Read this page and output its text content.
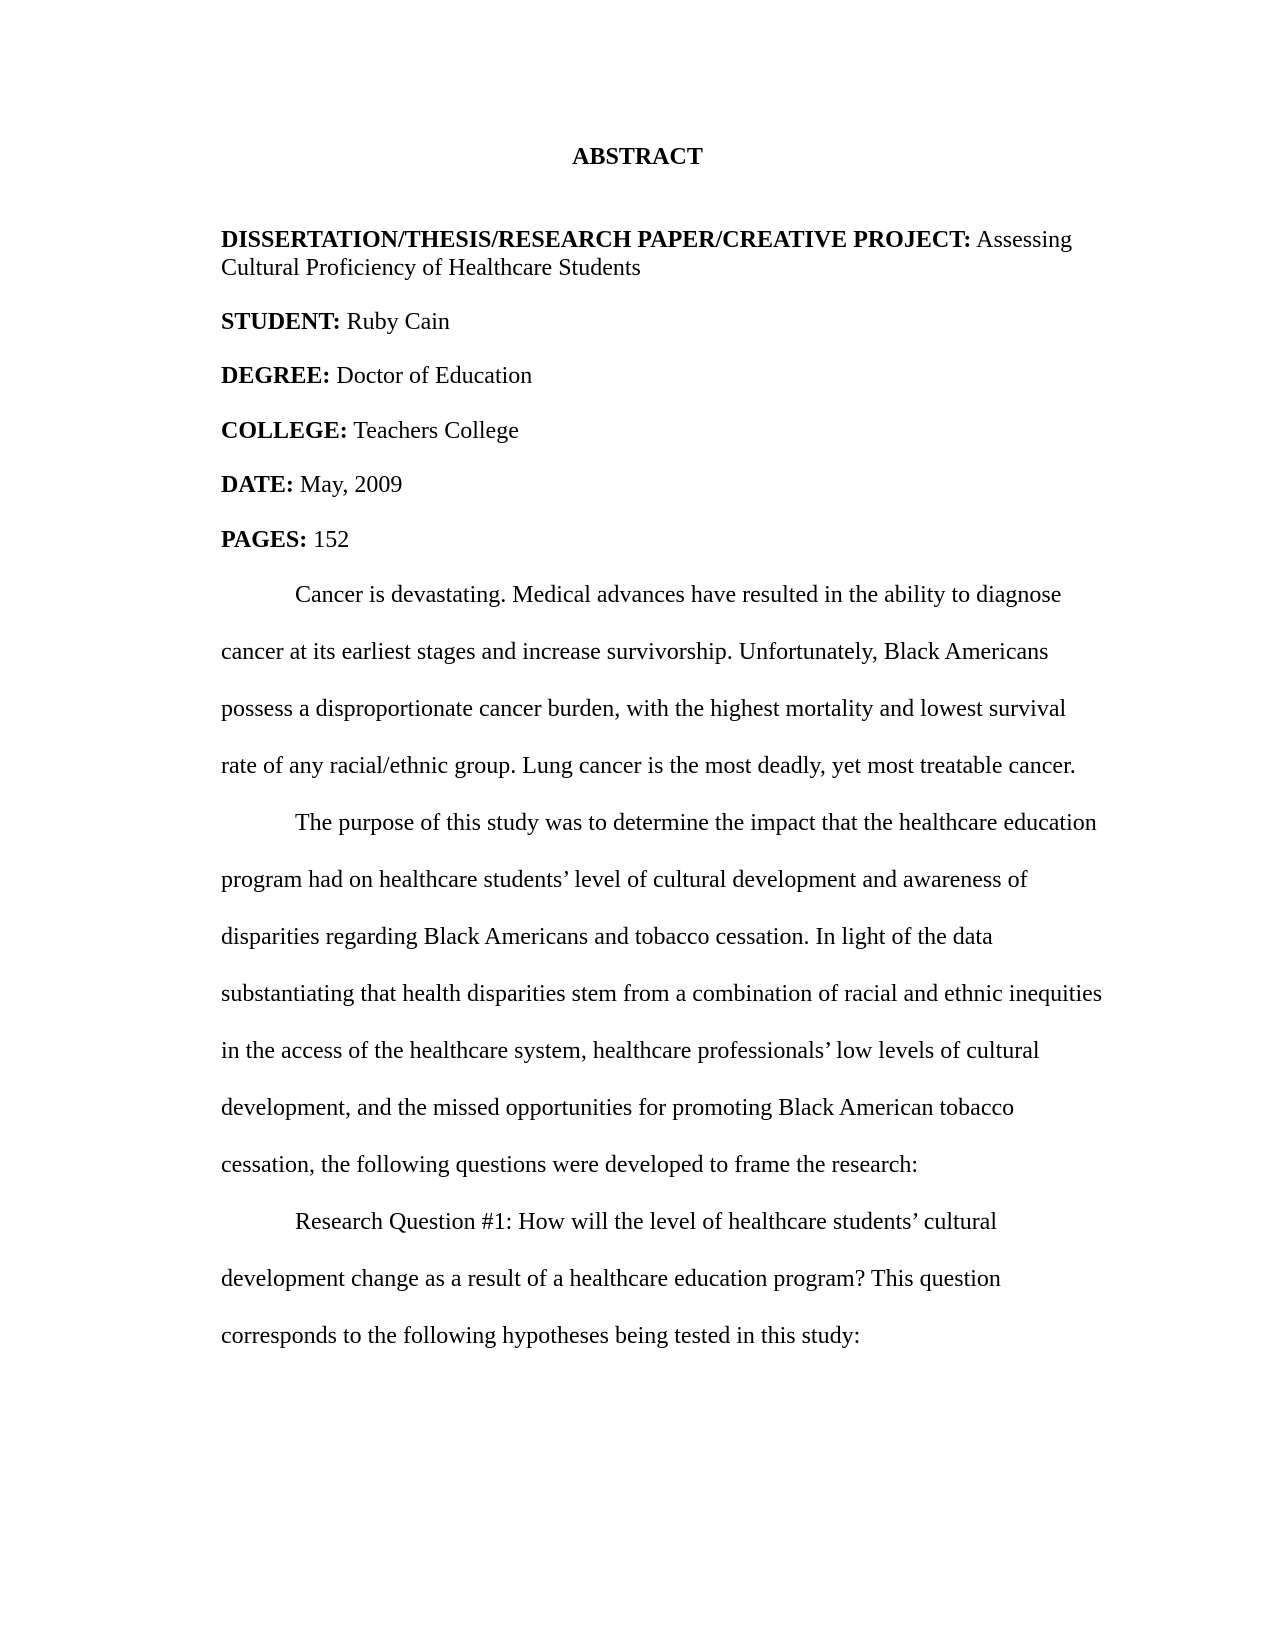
ABSTRACT
DISSERTATION/THESIS/RESEARCH PAPER/CREATIVE PROJECT: Assessing Cultural Proficiency of Healthcare Students
STUDENT: Ruby Cain
DEGREE: Doctor of Education
COLLEGE: Teachers College
DATE: May, 2009
PAGES: 152

Cancer is devastating. Medical advances have resulted in the ability to diagnose cancer at its earliest stages and increase survivorship. Unfortunately, Black Americans possess a disproportionate cancer burden, with the highest mortality and lowest survival rate of any racial/ethnic group. Lung cancer is the most deadly, yet most treatable cancer.

The purpose of this study was to determine the impact that the healthcare education program had on healthcare students’ level of cultural development and awareness of disparities regarding Black Americans and tobacco cessation. In light of the data substantiating that health disparities stem from a combination of racial and ethnic inequities in the access of the healthcare system, healthcare professionals’ low levels of cultural development, and the missed opportunities for promoting Black American tobacco cessation, the following questions were developed to frame the research:

Research Question #1: How will the level of healthcare students’ cultural development change as a result of a healthcare education program? This question corresponds to the following hypotheses being tested in this study:
